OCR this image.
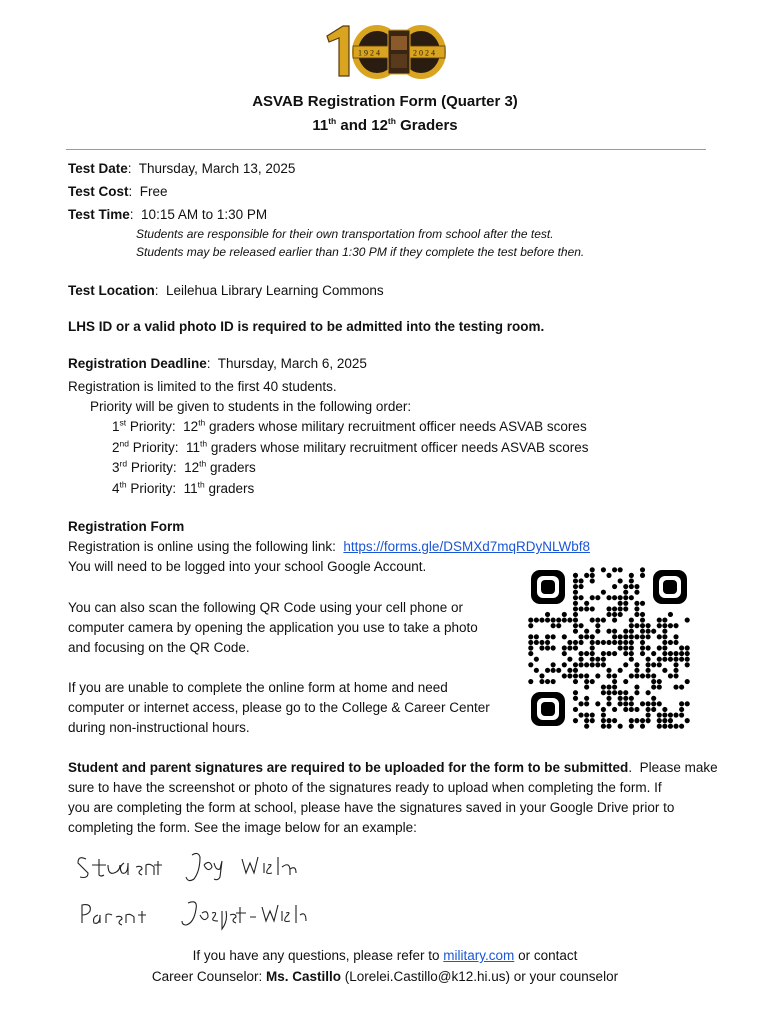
1924	2024
ASVAB Registration Form (Quarter 3)
11th and 12th Graders
Test Date:  Thursday, March 13, 2025
Test Cost:  Free
Test Time:  10:15 AM to 1:30 PM
Students are responsible for their own transportation from school after the test.
Students may be released earlier than 1:30 PM if they complete the test before then.
Test Location:  Leilehua Library Learning Commons
LHS ID or a valid photo ID is required to be admitted into the testing room.
Registration Deadline:  Thursday, March 6, 2025
Registration is limited to the first 40 students.
Priority will be given to students in the following order:
1st Priority:  12th graders whose military recruitment officer needs ASVAB scores
2nd Priority:  11th graders whose military recruitment officer needs ASVAB scores
3rd Priority:  12th graders
4th Priority:  11th graders
Registration Form
Registration is online using the following link:  https://forms.gle/DSMXd7mqRDyNLWbf8
You will need to be logged into your school Google Account.
You can also scan the following QR Code using your cell phone or
computer camera by opening the application you use to take a photo
and focusing on the QR Code.
If you are unable to complete the online form at home and need
computer or internet access, please go to the College & Career Center
during non-instructional hours.
Student and parent signatures are required to be uploaded for the form to be submitted.  Please make
sure to have the screenshot or photo of the signatures ready to upload when completing the form. If
you are completing the form at school, please have the signatures saved in your Google Drive prior to
completing the form. See the image below for an example:
If you have any questions, please refer to military.com or contact
Career Counselor: Ms. Castillo (Lorelei.Castillo@k12.hi.us) or your counselor
